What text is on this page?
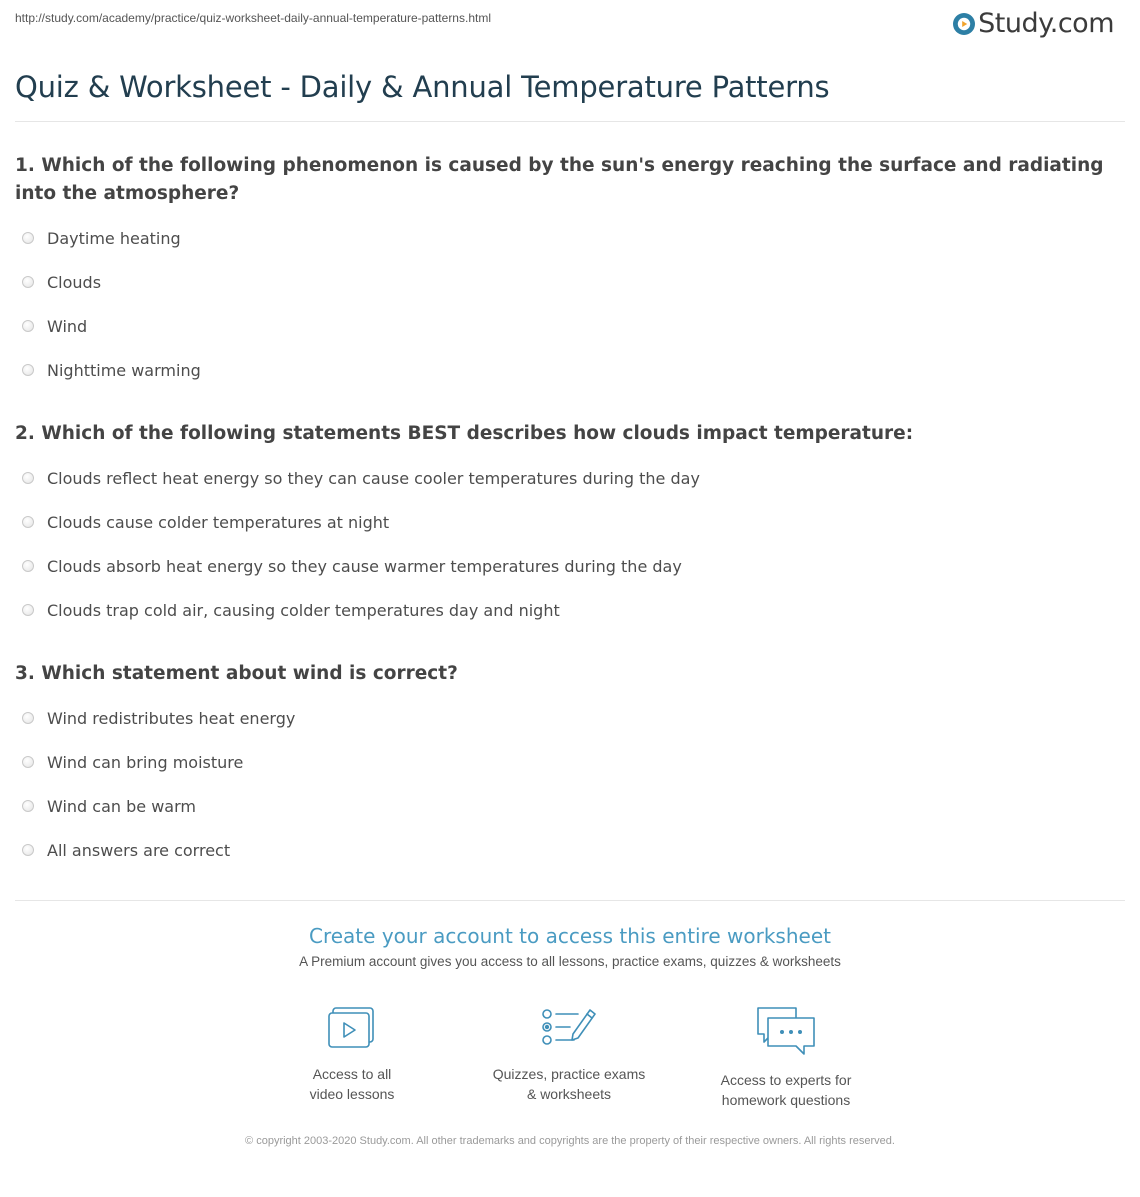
http://study.com/academy/practice/quiz-worksheet-daily-annual-temperature-patterns.html	Study.com
Quiz & Worksheet - Daily & Annual Temperature Patterns
1. Which of the following phenomenon is caused by the sun's energy reaching the surface and radiating into the atmosphere?
Daytime heating
Clouds
Wind
Nighttime warming
2. Which of the following statements BEST describes how clouds impact temperature:
Clouds reflect heat energy so they can cause cooler temperatures during the day
Clouds cause colder temperatures at night
Clouds absorb heat energy so they cause warmer temperatures during the day
Clouds trap cold air, causing colder temperatures day and night
3. Which statement about wind is correct?
Wind redistributes heat energy
Wind can bring moisture
Wind can be warm
All answers are correct
Create your account to access this entire worksheet
A Premium account gives you access to all lessons, practice exams, quizzes & worksheets
Access to all
video lessons
Quizzes, practice exams
& worksheets
Access to experts for
homework questions
© copyright 2003-2020 Study.com. All other trademarks and copyrights are the property of their respective owners. All rights reserved.
